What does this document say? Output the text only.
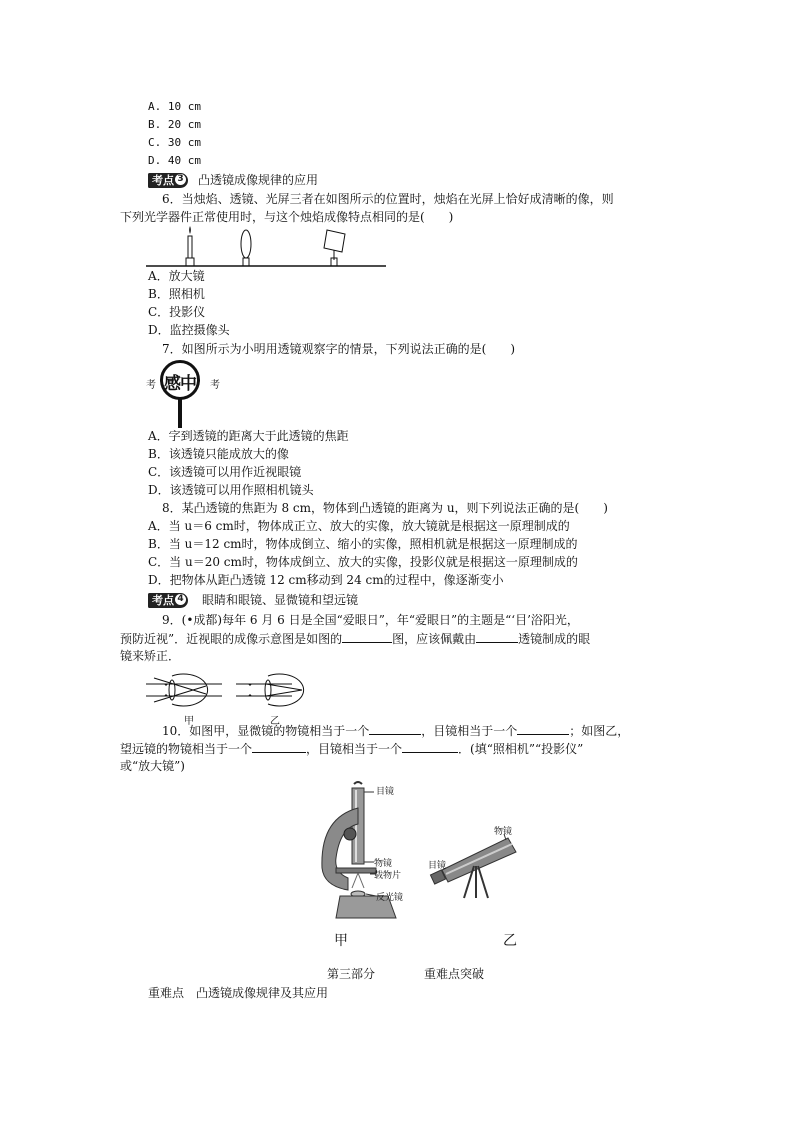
A. 10 cm
B. 20 cm
C. 30 cm
D. 40 cm
考点 3 凸透镜成像规律的应用
6．当烛焰、透镜、光屏三者在如图所示的位置时，烛焰在光屏上恰好成清晰的像，则
下列光学器件正常使用时，与这个烛焰成像特点相同的是(　　)
A．放大镜
B．照相机
C．投影仪
D．监控摄像头
7．如图所示为小明用透镜观察字的情景，下列说法正确的是(　　)
考	考
感中
A．字到透镜的距离大于此透镜的焦距
B．该透镜只能成放大的像
C．该透镜可以用作近视眼镜
D．该透镜可以用作照相机镜头
8．某凸透镜的焦距为 8 cm，物体到凸透镜的距离为 u，则下列说法正确的是(　　)
A．当 u＝6 cm时，物体成正立、放大的实像，放大镜就是根据这一原理制成的
B．当 u＝12 cm时，物体成倒立、缩小的实像，照相机就是根据这一原理制成的
C．当 u＝20 cm时，物体成倒立、放大的实像，投影仪就是根据这一原理制成的
D．把物体从距凸透镜 12 cm移动到 24 cm的过程中，像逐渐变小
考点 4 眼睛和眼镜、显微镜和望远镜
9．(•成都)每年 6 月 6 日是全国“爱眼日”，年“爱眼日”的主题是“‘目’浴阳光，
预防近视”．近视眼的成像示意图是如图的	图，应该佩戴由	透镜制成的眼
镜来矫正．
甲	乙
10．如图甲，显微镜的物镜相当于一个	，目镜相当于一个	；如图乙，
望远镜的物镜相当于一个	，目镜相当于一个	．(填“照相机”“投影仪”
或“放大镜”)
目镜
物镜
载物片
反光镜
物镜
目镜
甲	乙
第三部分	重难点突破
重难点　凸透镜成像规律及其应用
